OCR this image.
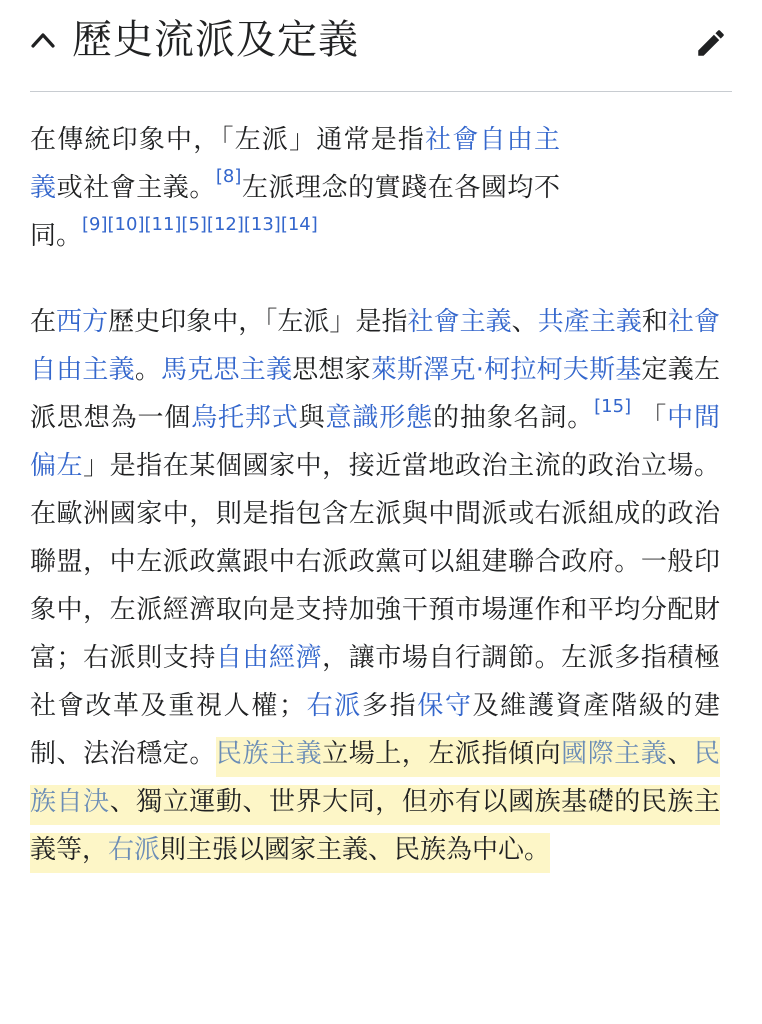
歷史流派及定義

在傳統印象中，「左派」通常是指社會自由主義或社會主義。[8]左派理念的實踐在各國均不同。[9][10][11][5][12][13][14]

在西方歷史印象中，「左派」是指社會主義、共產主義和社會自由主義。馬克思主義思想家萊斯澤克·柯拉柯夫斯基定義左派思想為一個烏托邦式與意識形態的抽象名詞。[15] 「中間偏左」是指在某個國家中，接近當地政治主流的政治立場。在歐洲國家中，則是指包含左派與中間派或右派組成的政治聯盟，中左派政黨跟中右派政黨可以組建聯合政府。一般印象中，左派經濟取向是支持加強干預市場運作和平均分配財富；右派則支持自由經濟，讓市場自行調節。左派多指積極社會改革及重視人權；右派多指保守及維護資產階級的建制、法治穩定。民族主義立場上，左派指傾向國際主義、民族自決、獨立運動、世界大同，但亦有以國族基礎的民族主義等，右派則主張以國家主義、民族為中心。
